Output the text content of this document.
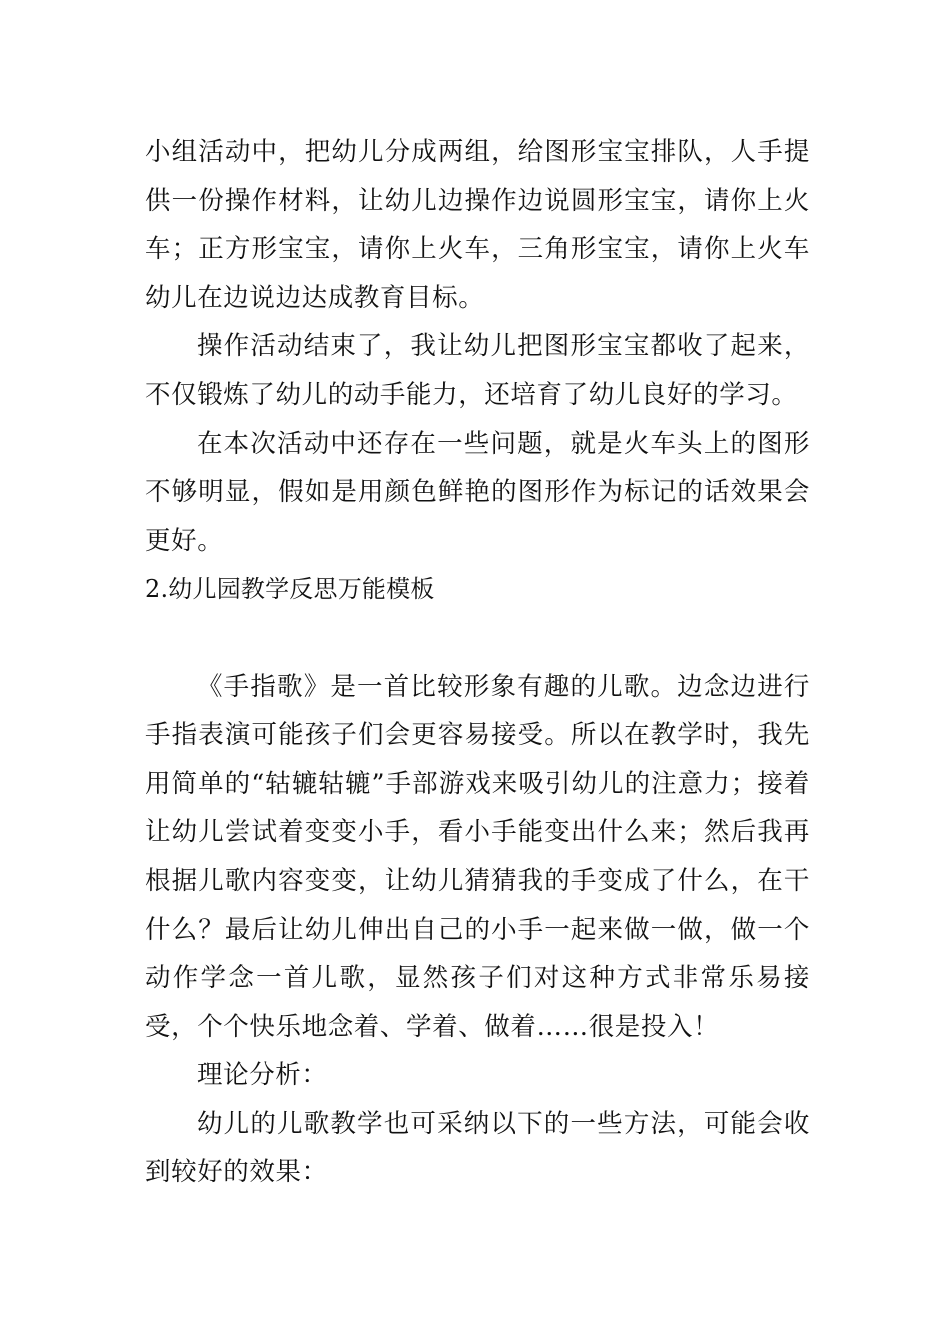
小组活动中，把幼儿分成两组，给图形宝宝排队，人手提供一份操作材料，让幼儿边操作边说圆形宝宝，请你上火车；正方形宝宝，请你上火车，三角形宝宝，请你上火车幼儿在边说边达成教育目标。

操作活动结束了，我让幼儿把图形宝宝都收了起来，不仅锻炼了幼儿的动手能力，还培育了幼儿良好的学习。

在本次活动中还存在一些问题，就是火车头上的图形不够明显，假如是用颜色鲜艳的图形作为标记的话效果会更好。

2.幼儿园教学反思万能模板

《手指歌》是一首比较形象有趣的儿歌。边念边进行手指表演可能孩子们会更容易接受。所以在教学时，我先用简单的“轱辘轱辘”手部游戏来吸引幼儿的注意力；接着让幼儿尝试着变变小手，看小手能变出什么来；然后我再根据儿歌内容变变，让幼儿猜猜我的手变成了什么，在干什么？最后让幼儿伸出自己的小手一起来做一做，做一个动作学念一首儿歌，显然孩子们对这种方式非常乐易接受，个个快乐地念着、学着、做着……很是投入！

理论分析：

幼儿的儿歌教学也可采纳以下的一些方法，可能会收到较好的效果：
